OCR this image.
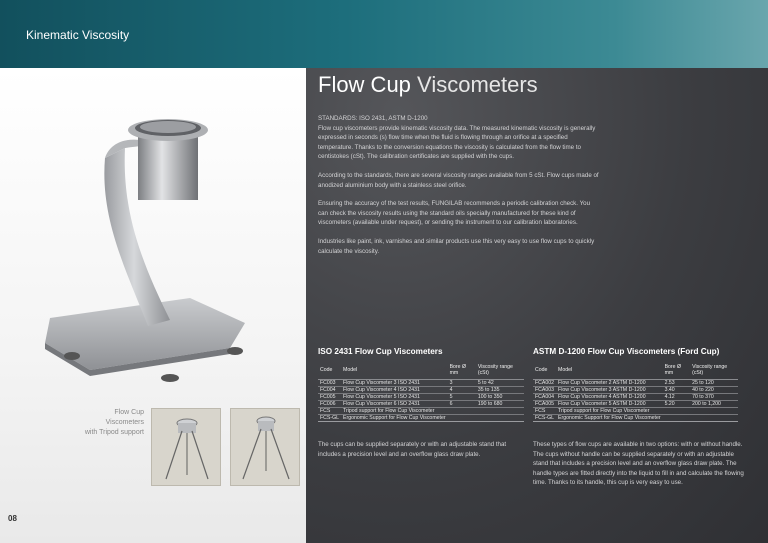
Kinematic Viscosity
Flow Cup
Viscometers
with Tripod support
08
Flow Cup Viscometers
STANDARDS: ISO 2431, ASTM D-1200

Flow cup viscometers provide kinematic viscosity data. The measured kinematic viscosity is generally expressed in seconds (s) flow time when the fluid is flowing through an orifice at a specified temperature. Thanks to the conversion equations the viscosity is calculated from the flow time to centistokes (cSt). The calibration certificates are supplied with the cups.

According to the standards, there are several viscosity ranges available from 5 cSt. Flow cups made of anodized aluminium body with a stainless steel orifice.

Ensuring the accuracy of the test results, FUNGILAB recommends a periodic calibration check. You can check the viscosity results using the standard oils specially manufactured for these kind of viscometers (available under request), or sending the instrument to our calibration laboratories.

Industries like paint, ink, varnishes and similar products use this very easy to use flow cups to quickly calculate the viscosity.

ISO 2431 Flow Cup Viscometers	ASTM D-1200 Flow Cup Viscometers (Ford Cup)
Code	Model	Bore Ø mm	Viscosity range (cSt)
FC003	Flow Cup Viscometer 3 ISO 2431	3	5 to 42
FC004	Flow Cup Viscometer 4 ISO 2431	4	35 to 135
FC005	Flow Cup Viscometer 5 ISO 2431	5	100 to 350
FC006	Flow Cup Viscometer 6 ISO 2431	6	190 to 680
FCS	Tripod support for Flow Cup Viscometer		
FCS-GL	Ergonomic Support for Flow Cup Viscometer		
Code	Model	Bore Ø mm	Viscosity range (cSt)
FCA002	Flow Cup Viscometer 2 ASTM D-1200	2.53	25 to 120
FCA003	Flow Cup Viscometer 3 ASTM D-1200	3.40	40 to 220
FCA004	Flow Cup Viscometer 4 ASTM D-1200	4.12	70 to 370
FCA005	Flow Cup Viscometer 5 ASTM D-1200	5.20	200 to 1,200
FCS	Tripod support for Flow Cup Viscometer		
FCS-GL	Ergonomic Support for Flow Cup Viscometer		
The cups can be supplied separately or with an adjustable stand that includes a precision level and an overflow glass draw plate.
These types of flow cups are available in two options: with or without handle. The cups without handle can be supplied separately or with an adjustable stand that includes a precision level and an overflow glass draw plate. The handle types are fitted directly into the liquid to fill in and calculate the flowing time. Thanks to its handle, this cup is very easy to use.
